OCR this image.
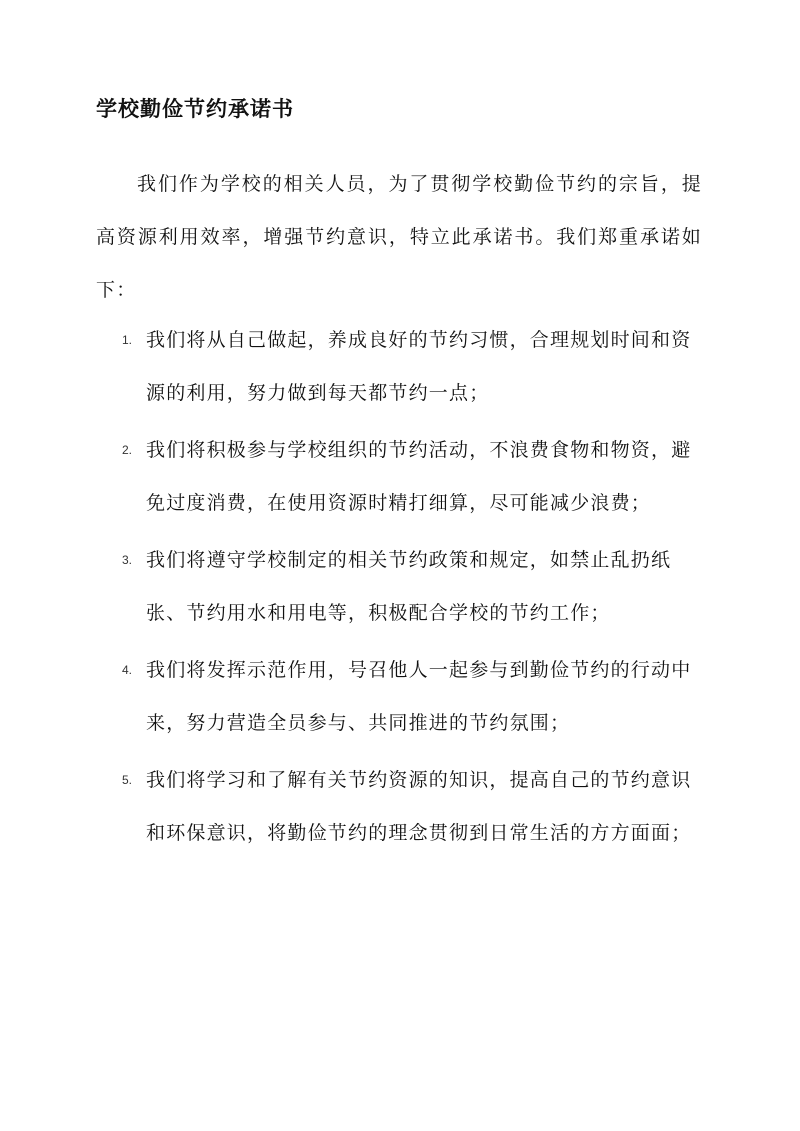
学校勤俭节约承诺书

我们作为学校的相关人员，为了贯彻学校勤俭节约的宗旨，提高资源利用效率，增强节约意识，特立此承诺书。我们郑重承诺如下：

1. 我们将从自己做起，养成良好的节约习惯，合理规划时间和资源的利用，努力做到每天都节约一点；
2. 我们将积极参与学校组织的节约活动，不浪费食物和物资，避免过度消费，在使用资源时精打细算，尽可能减少浪费；
3. 我们将遵守学校制定的相关节约政策和规定，如禁止乱扔纸张、节约用水和用电等，积极配合学校的节约工作；
4. 我们将发挥示范作用，号召他人一起参与到勤俭节约的行动中来，努力营造全员参与、共同推进的节约氛围；
5. 我们将学习和了解有关节约资源的知识，提高自己的节约意识和环保意识，将勤俭节约的理念贯彻到日常生活的方方面面；
